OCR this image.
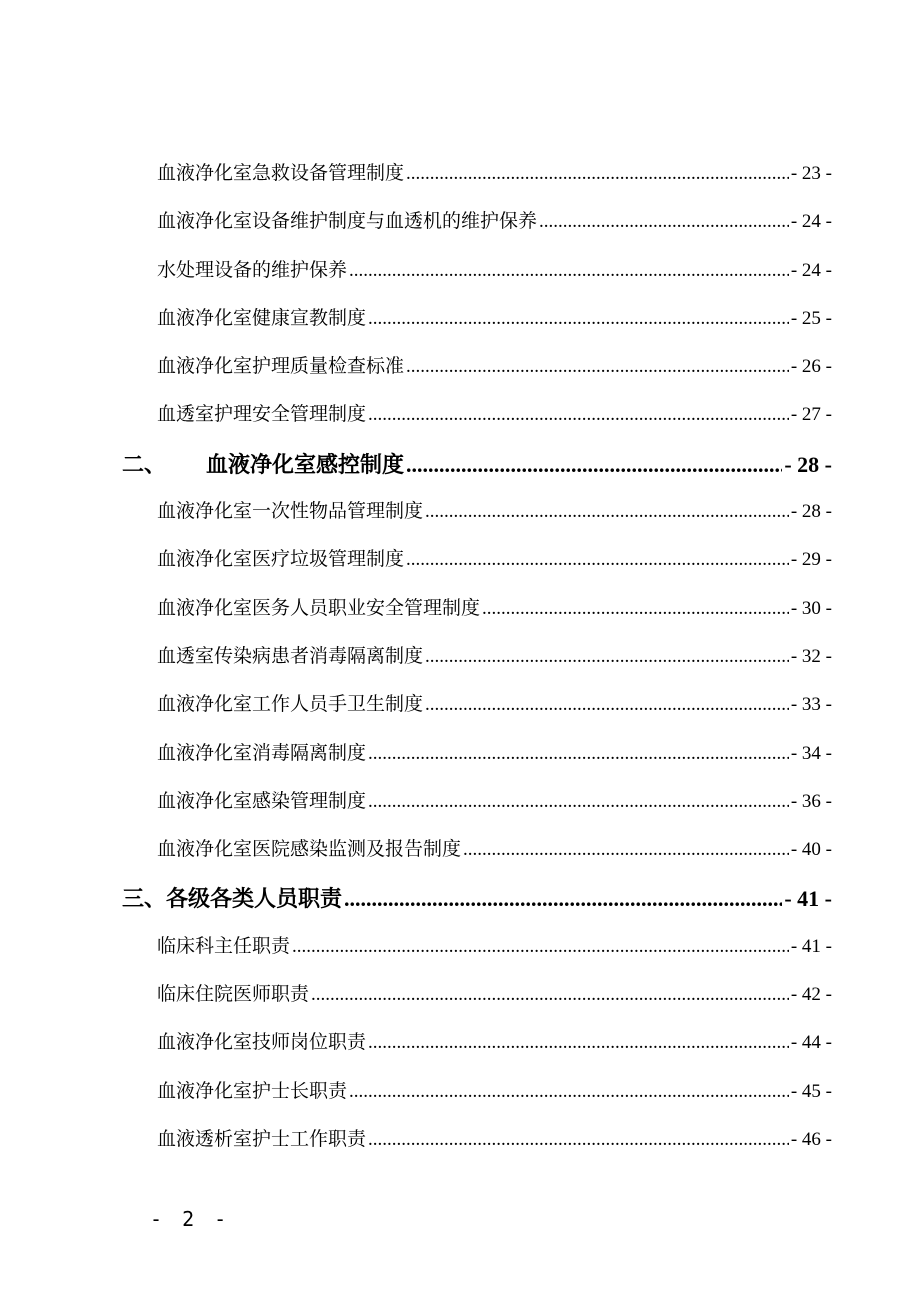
血液净化室急救设备管理制度 .....	- 23 -
血液净化室设备维护制度与血透机的维护保养 .....	- 24 -
水处理设备的维护保养 .....	- 24 -
血液净化室健康宣教制度 .....	- 25 -
血液净化室护理质量检查标准 .....	- 26 -
血透室护理安全管理制度 .....	- 27 -
二、 血液净化室感控制度 .....	- 28 -
血液净化室一次性物品管理制度 .....	- 28 -
血液净化室医疗垃圾管理制度 .....	- 29 -
血液净化室医务人员职业安全管理制度 .....	- 30 -
血透室传染病患者消毒隔离制度 .....	- 32 -
血液净化室工作人员手卫生制度 .....	- 33 -
血液净化室消毒隔离制度 .....	- 34 -
血液净化室感染管理制度 .....	- 36 -
血液净化室医院感染监测及报告制度 .....	- 40 -
三、各级各类人员职责 .....	- 41 -
临床科主任职责 .....	- 41 -
临床住院医师职责 .....	- 42 -
血液净化室技师岗位职责 .....	- 44 -
血液净化室护士长职责 .....	- 45 -
血液透析室护士工作职责 .....	- 46 -
- 2 -
